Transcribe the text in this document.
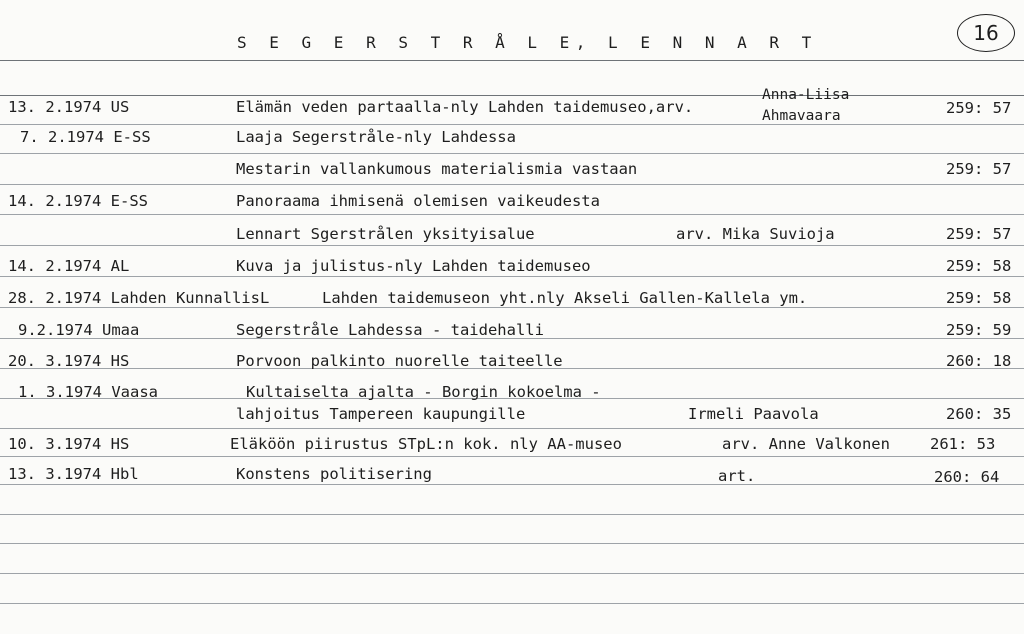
S E G E R S T R Å L E, L E N N A R T	16
13. 2.1974 US	Elämän veden partaalla-nly Lahden taidemuseo,arv.
Anna-Liisa
Ahmavaara	259: 57
7. 2.1974 E-SS	Laaja Segerstråle-nly Lahdessa
Mestarin vallankumous materialismia vastaan	259: 57
14. 2.1974 E-SS	Panoraama ihmisenä olemisen vaikeudesta
Lennart Sgerstrålen yksityisalue	arv. Mika Suvioja	259: 57
14. 2.1974 AL	Kuva ja julistus-nly Lahden taidemuseo	259: 58
28. 2.1974 Lahden KunnallisL	Lahden taidemuseon yht.nly Akseli Gallen-Kallela ym.	259: 58
9.2.1974 Umaa	Segerstråle Lahdessa - taidehalli	259: 59
20. 3.1974 HS	Porvoon palkinto nuorelle taiteelle	260: 18
1. 3.1974 Vaasa	Kultaiselta ajalta - Borgin kokoelma -
lahjoitus Tampereen kaupungille	Irmeli Paavola	260: 35
10. 3.1974 HS	Eläköön piirustus STpL:n kok. nly AA-museo	arv. Anne Valkonen	261: 53
13. 3.1974 Hbl	Konstens politisering	art.	260: 64
